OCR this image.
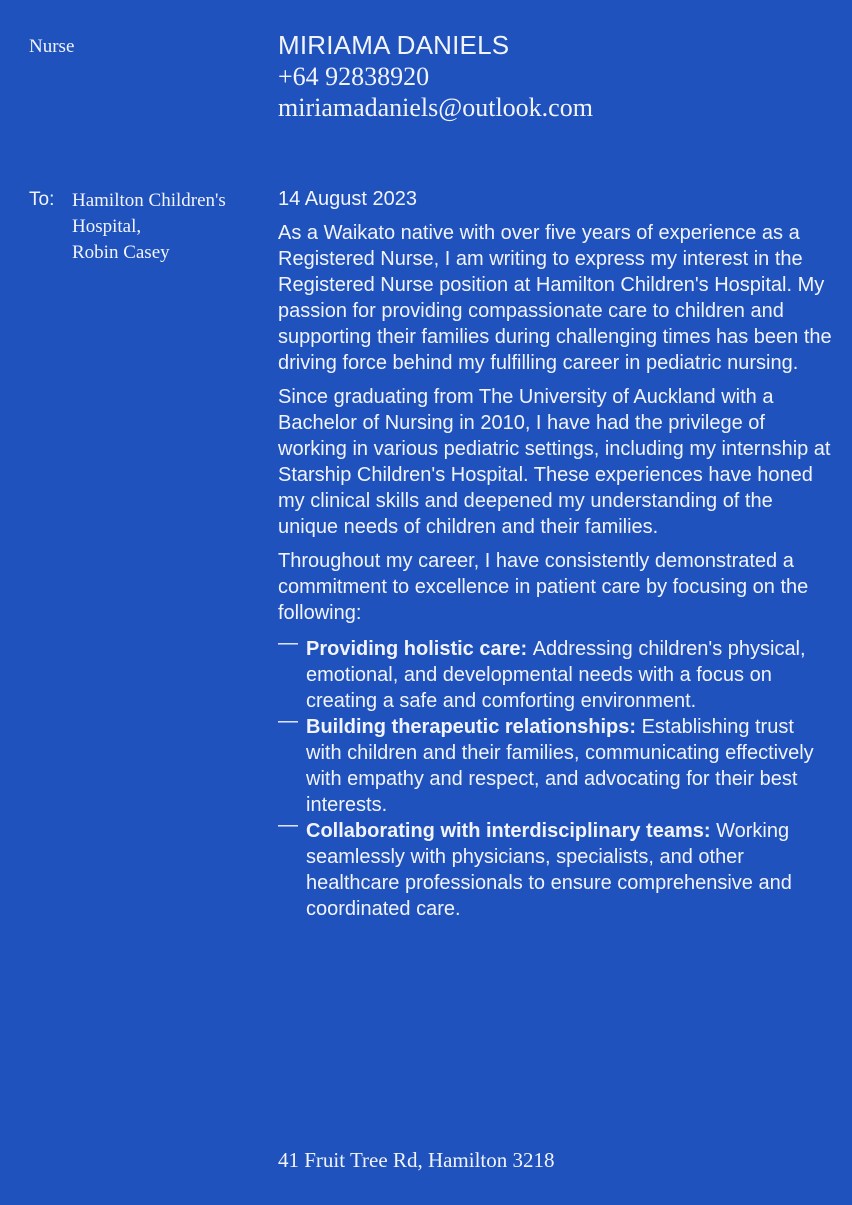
Nurse	MIRIAMA DANIELS
+64 92838920
miriamadaniels@outlook.com
To: Hamilton Children's
Hospital,
Robin Casey
14 August 2023

As a Waikato native with over five years of experience as a Registered Nurse, I am writing to express my interest in the Registered Nurse position at Hamilton Children's Hospital. My passion for providing compassionate care to children and supporting their families during challenging times has been the driving force behind my fulfilling career in pediatric nursing.

Since graduating from The University of Auckland with a Bachelor of Nursing in 2010, I have had the privilege of working in various pediatric settings, including my internship at Starship Children's Hospital. These experiences have honed my clinical skills and deepened my understanding of the unique needs of children and their families.

Throughout my career, I have consistently demonstrated a commitment to excellence in patient care by focusing on the following:

— Providing holistic care: Addressing children's physical, emotional, and developmental needs with a focus on creating a safe and comforting environment.
— Building therapeutic relationships: Establishing trust with children and their families, communicating effectively with empathy and respect, and advocating for their best interests.
— Collaborating with interdisciplinary teams: Working seamlessly with physicians, specialists, and other healthcare professionals to ensure comprehensive and coordinated care.
41 Fruit Tree Rd, Hamilton 3218
